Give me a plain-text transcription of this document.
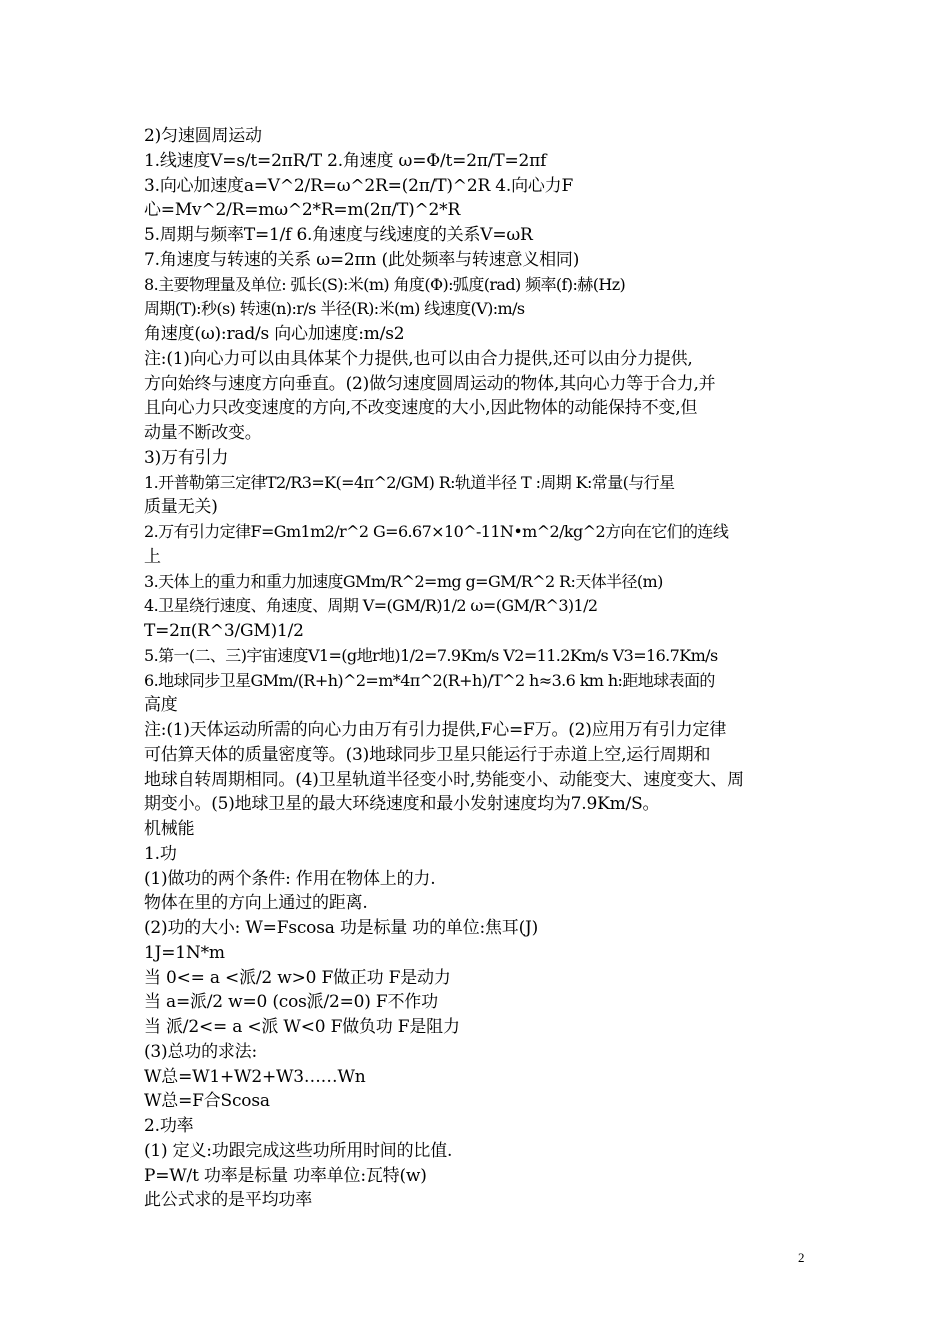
2)匀速圆周运动
1.线速度V=s/t=2πR/T 2.角速度 ω=Φ/t=2π/T=2πf
3.向心加速度a=V^2/R=ω^2R=(2π/T)^2R 4.向心力F
心=Mv^2/R=mω^2*R=m(2π/T)^2*R
5.周期与频率T=1/f 6.角速度与线速度的关系V=ωR
7.角速度与转速的关系 ω=2πn (此处频率与转速意义相同)
8.主要物理量及单位: 弧长(S):米(m) 角度(Φ):弧度(rad) 频率(f):赫(Hz)
周期(T):秒(s) 转速(n):r/s 半径(R):米(m) 线速度(V):m/s
角速度(ω):rad/s 向心加速度:m/s2
注:(1)向心力可以由具体某个力提供,也可以由合力提供,还可以由分力提供,
方向始终与速度方向垂直。(2)做匀速度圆周运动的物体,其向心力等于合力,并
且向心力只改变速度的方向,不改变速度的大小,因此物体的动能保持不变,但
动量不断改变。
3)万有引力
1.开普勒第三定律T2/R3=K(=4π^2/GM) R:轨道半径 T :周期 K:常量(与行星
质量无关)
2.万有引力定律F=Gm1m2/r^2 G=6.67×10^-11N•m^2/kg^2方向在它们的连线
上
3.天体上的重力和重力加速度GMm/R^2=mg g=GM/R^2 R:天体半径(m)
4.卫星绕行速度、角速度、周期 V=(GM/R)1/2 ω=(GM/R^3)1/2
T=2π(R^3/GM)1/2
5.第一(二、三)宇宙速度V1=(g地r地)1/2=7.9Km/s V2=11.2Km/s V3=16.7Km/s
6.地球同步卫星GMm/(R+h)^2=m*4π^2(R+h)/T^2 h≈3.6 km h:距地球表面的
高度
注:(1)天体运动所需的向心力由万有引力提供,F心=F万。(2)应用万有引力定律
可估算天体的质量密度等。(3)地球同步卫星只能运行于赤道上空,运行周期和
地球自转周期相同。(4)卫星轨道半径变小时,势能变小、动能变大、速度变大、周
期变小。(5)地球卫星的最大环绕速度和最小发射速度均为7.9Km/S。
机械能
1.功
(1)做功的两个条件: 作用在物体上的力.
物体在里的方向上通过的距离.
(2)功的大小: W=Fscosa 功是标量 功的单位:焦耳(J)
1J=1N*m
当 0<= a <派/2 w>0 F做正功 F是动力
当 a=派/2 w=0 (cos派/2=0) F不作功
当 派/2<= a <派 W<0 F做负功 F是阻力
(3)总功的求法:
W总=W1+W2+W3……Wn
W总=F合Scosa
2.功率
(1) 定义:功跟完成这些功所用时间的比值.
P=W/t 功率是标量 功率单位:瓦特(w)
此公式求的是平均功率
2
